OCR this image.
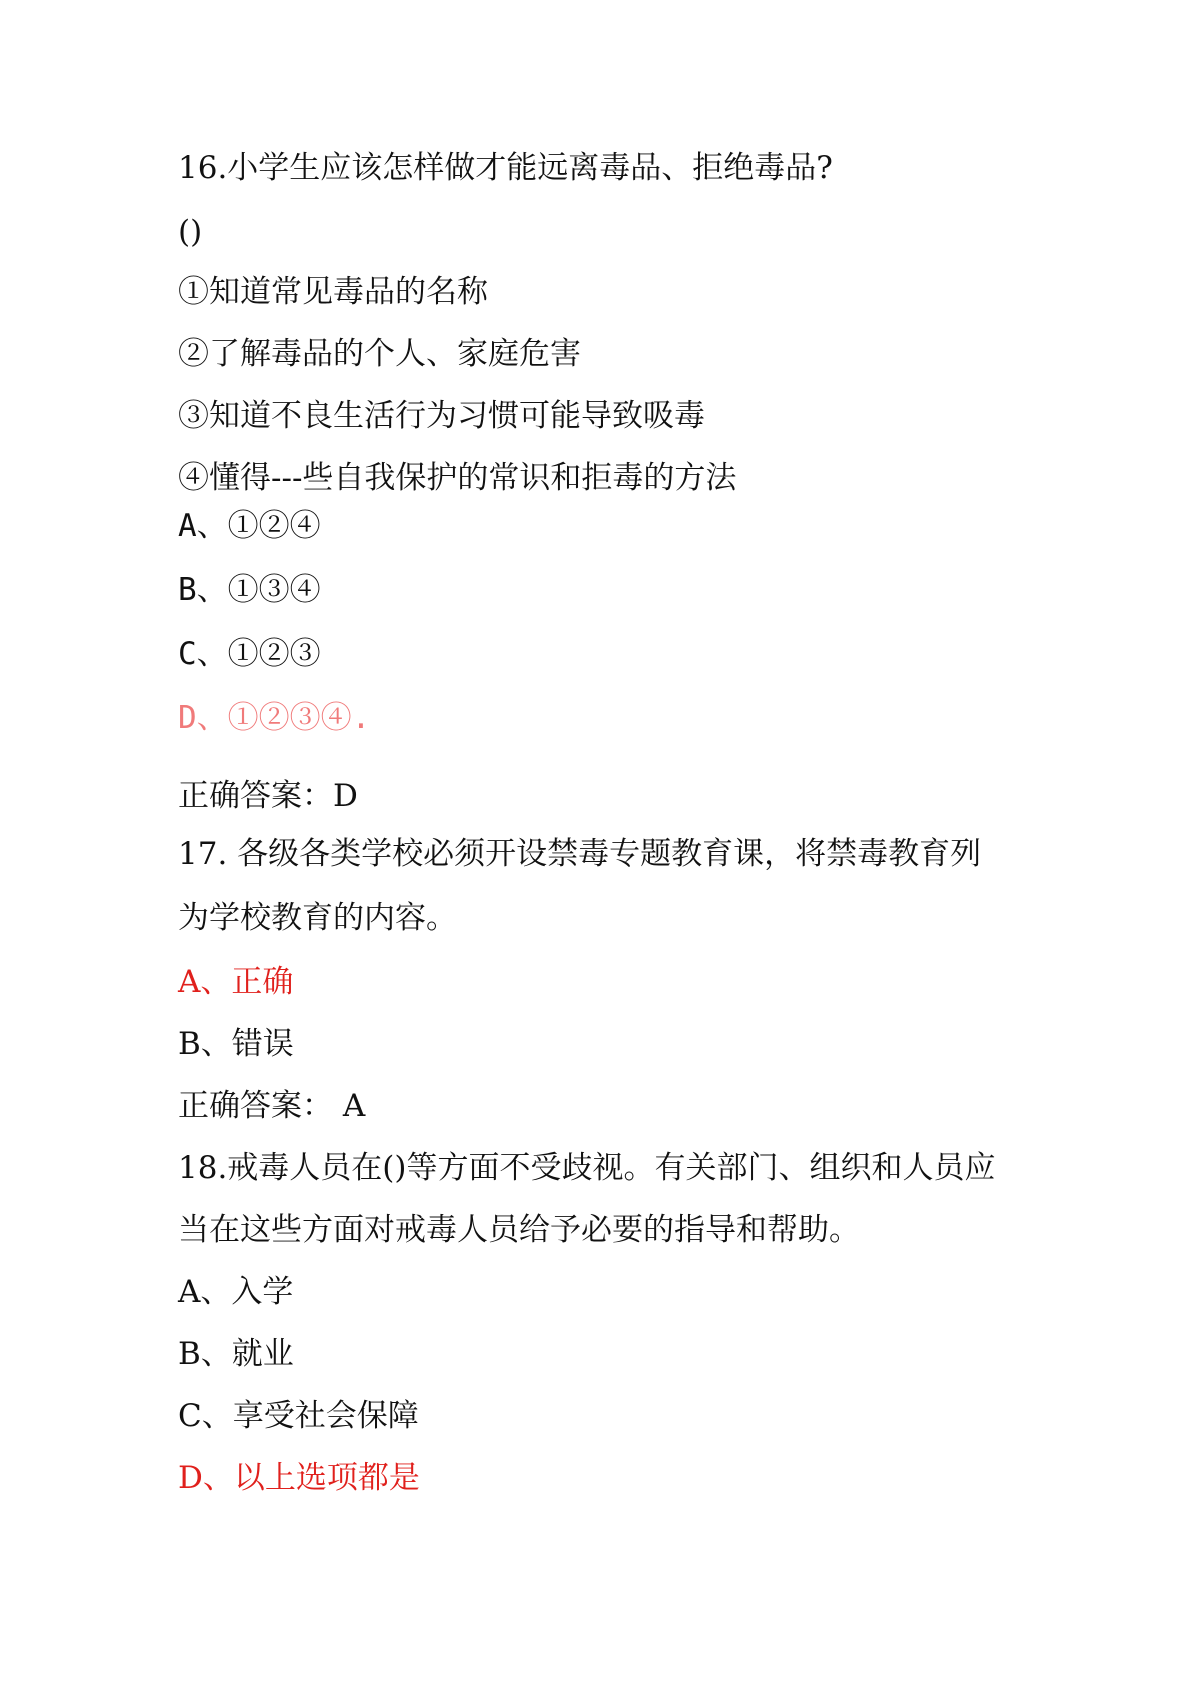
16.小学生应该怎样做才能远离毒品、拒绝毒品?

()

①知道常见毒品的名称

②了解毒品的个人、家庭危害

③知道不良生活行为习惯可能导致吸毒

④懂得---些自我保护的常识和拒毒的方法

A、①②④

B、①③④

C、①②③

D、①②③④.

正确答案：D

17. 各级各类学校必须开设禁毒专题教育课，将禁毒教育列

为学校教育的内容。

A、正确

B、错误

正确答案： A

18.戒毒人员在()等方面不受歧视。有关部门、组织和人员应

当在这些方面对戒毒人员给予必要的指导和帮助。

A、入学

B、就业

C、享受社会保障

D、以上选项都是
